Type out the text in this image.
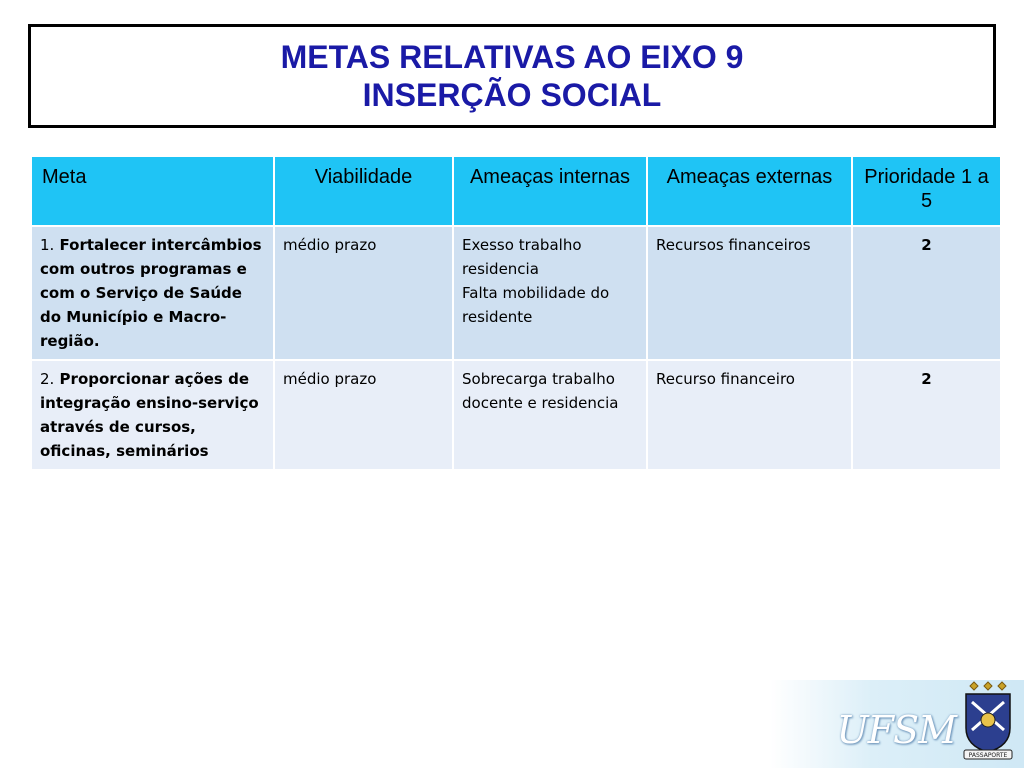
METAS RELATIVAS AO EIXO 9
INSERÇÃO SOCIAL
Meta	Viabilidade	Ameaças internas	Ameaças externas	Prioridade 1 a 5
1. Fortalecer intercâmbios com outros programas e com o Serviço de Saúde do Município e Macro-região.	médio prazo	Exesso trabalho residencia
Falta mobilidade do residente	Recursos financeiros	2
2. Proporcionar ações de integração ensino-serviço através de cursos, oficinas, seminários	médio prazo	Sobrecarga trabalho docente e residencia	Recurso financeiro	2
UFSM
PASSAPORTE
